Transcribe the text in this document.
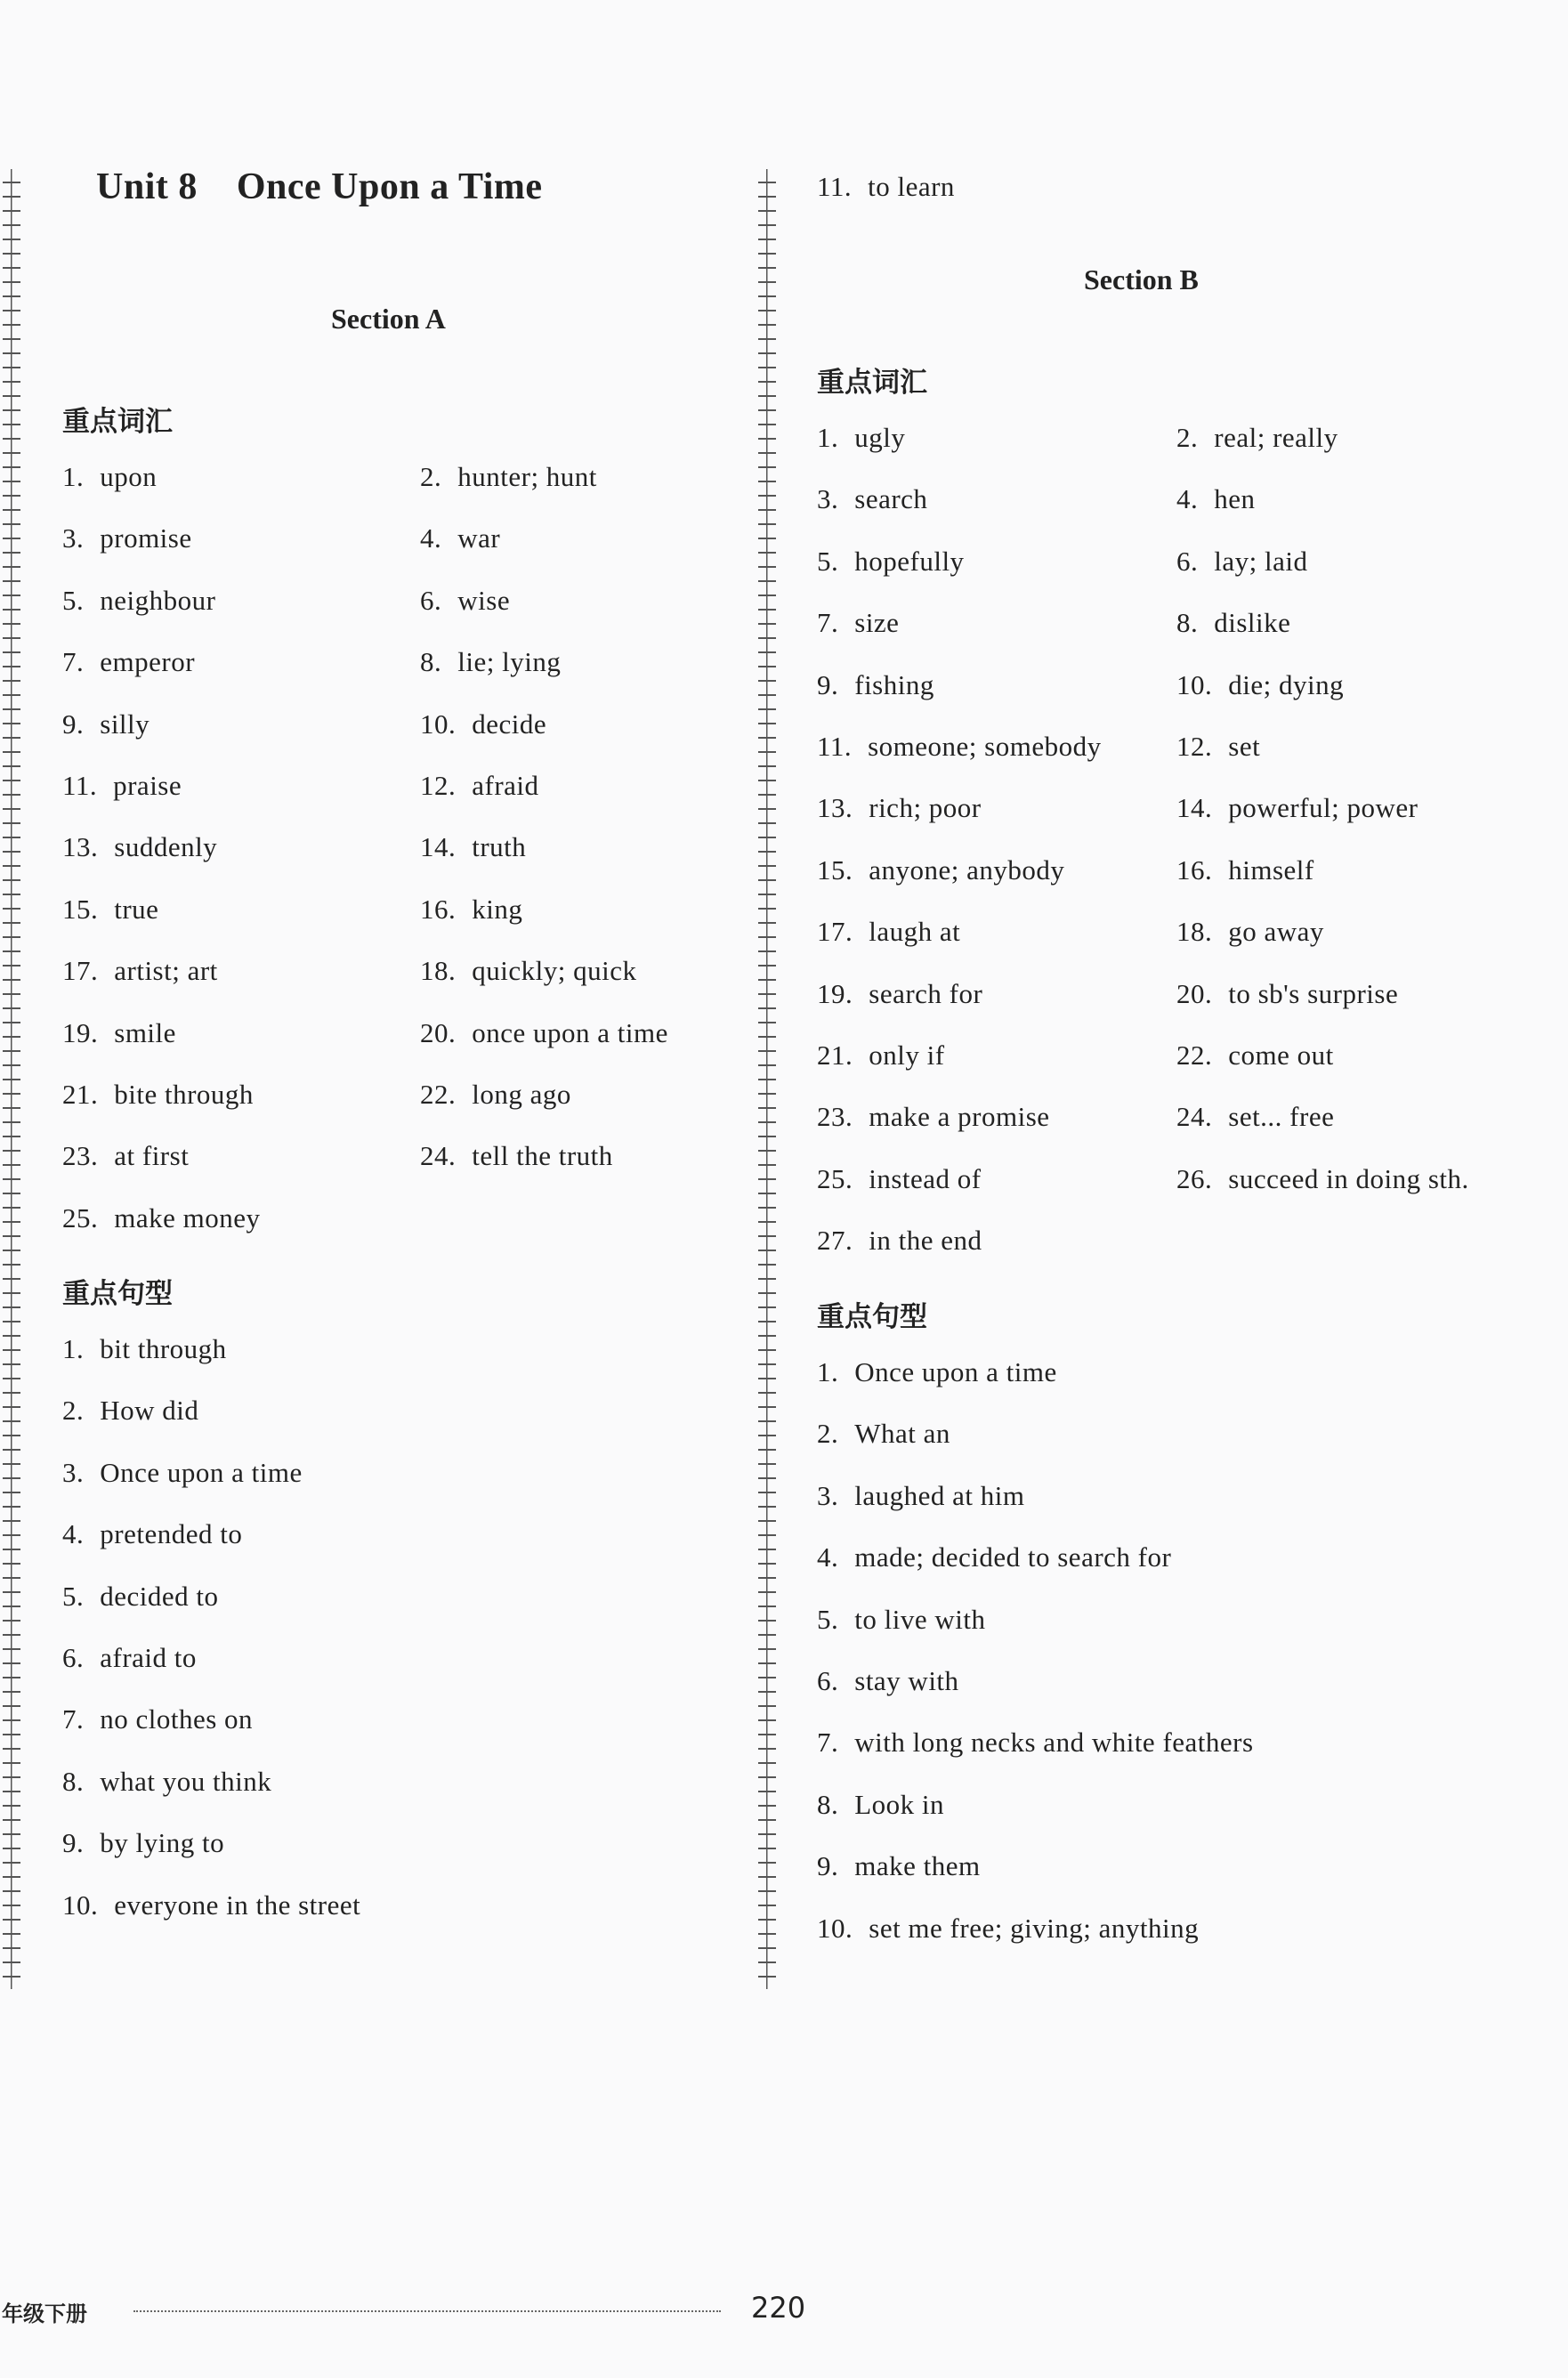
Unit 8 Once Upon a Time
Section A
重点词汇
1. upon	2. hunter; hunt
3. promise	4. war
5. neighbour	6. wise
7. emperor	8. lie; lying
9. silly	10. decide
11. praise	12. afraid
13. suddenly	14. truth
15. true	16. king
17. artist; art	18. quickly; quick
19. smile	20. once upon a time
21. bite through	22. long ago
23. at first	24. tell the truth
25. make money
重点句型
1. bit through
2. How did
3. Once upon a time
4. pretended to
5. decided to
6. afraid to
7. no clothes on
8. what you think
9. by lying to
10. everyone in the street
11. to learn
Section B
重点词汇
1. ugly	2. real; really
3. search	4. hen
5. hopefully	6. lay; laid
7. size	8. dislike
9. fishing	10. die; dying
11. someone; somebody	12. set
13. rich; poor	14. powerful; power
15. anyone; anybody	16. himself
17. laugh at	18. go away
19. search for	20. to sb's surprise
21. only if	22. come out
23. make a promise	24. set... free
25. instead of	26. succeed in doing sth.
27. in the end
重点句型
1. Once upon a time
2. What an
3. laughed at him
4. made; decided to search for
5. to live with
6. stay with
7. with long necks and white feathers
8. Look in
9. make them
10. set me free; giving; anything
年级下册	220
